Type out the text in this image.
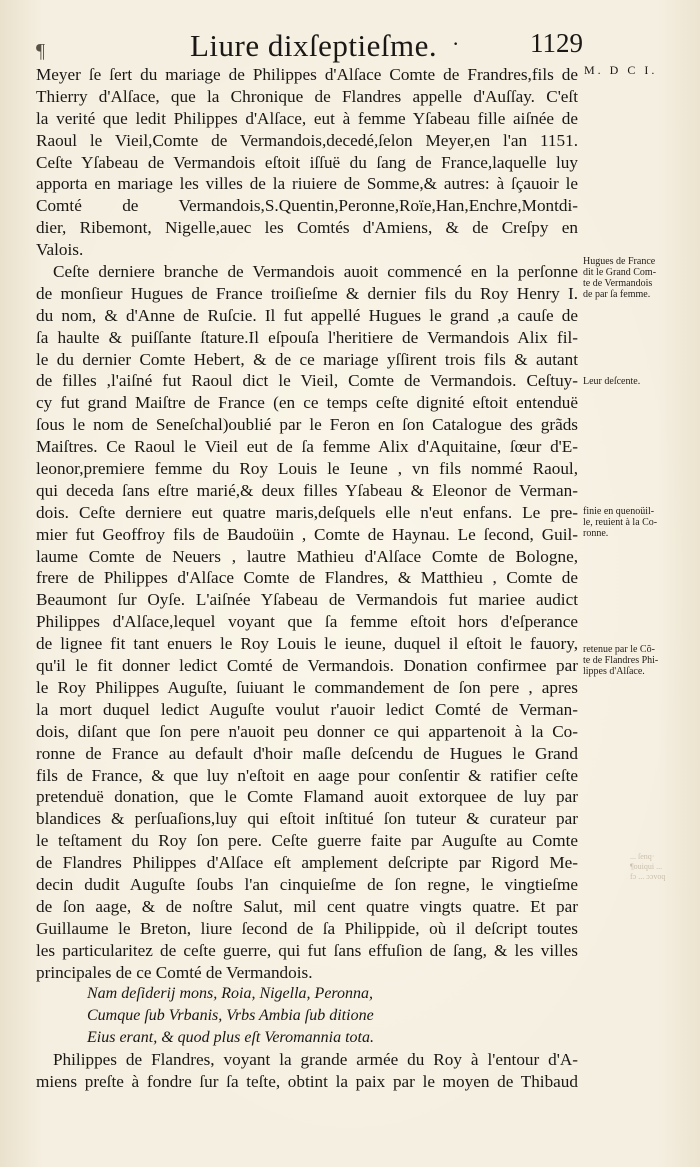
¶	Liure dixſeptieſme. ·	1129
M. D C I.
Meyer ſe ſert du mariage de Philippes d'Alſace Comte de Frandres,fils de
Thierry d'Alſace, que la Chronique de Flandres appelle d'Auſſay. C'eſt
la verité que ledit Philippes d'Alſace, eut à femme Yſabeau fille aiſnée de
Raoul le Vieil,Comte de Vermandois,decedé,ſelon Meyer,en l'an 1151.
Ceſte Yſabeau de Vermandois eſtoit iſſuë du ſang de France,laquelle luy
apporta en mariage les villes de la riuiere de Somme,& autres: à ſçauoir le
Comté de Vermandois,S.Quentin,Peronne,Roïe,Han,Enchre,Montdi-
dier, Ribemont, Nigelle,auec les Comtés d'Amiens, & de Creſpy en
Valois.
Ceſte derniere branche de Vermandois auoit commencé en la perſonne
de monſieur Hugues de France troiſieſme & dernier fils du Roy Henry I.
du nom, & d'Anne de Ruſcie. Il fut appellé Hugues le grand ,a cauſe de
ſa haulte & puiſſante ſtature.Il eſpouſa l'heritiere de Vermandois Alix fil-
le du dernier Comte Hebert, & de ce mariage yſſirent trois fils & autant
de filles ,l'aiſné fut Raoul dict le Vieil, Comte de Vermandois. Ceſtuy-
cy fut grand Maiſtre de France (en ce temps ceſte dignité eſtoit entenduë
ſous le nom de Seneſchal)oublié par le Feron en ſon Catalogue des grãds
Maiſtres. Ce Raoul le Vieil eut de ſa femme Alix d'Aquitaine, ſœur d'E-
leonor,premiere femme du Roy Louis le Ieune , vn fils nommé Raoul,
qui deceda ſans eſtre marié,& deux filles Yſabeau & Eleonor de Verman-
dois. Ceſte derniere eut quatre maris,deſquels elle n'eut enfans. Le pre-
mier fut Geoffroy fils de Baudoüin , Comte de Haynau. Le ſecond, Guil-
laume Comte de Neuers , lautre Mathieu d'Alſace Comte de Bologne,
frere de Philippes d'Alſace Comte de Flandres, & Matthieu , Comte de
Beaumont ſur Oyſe. L'aiſnée Yſabeau de Vermandois fut mariee audict
Philippes d'Alſace,lequel voyant que ſa femme eſtoit hors d'eſperance
de lignee fit tant enuers le Roy Louis le ieune, duquel il eſtoit le fauory,
qu'il le fit donner ledict Comté de Vermandois. Donation confirmee par
le Roy Philippes Auguſte, ſuiuant le commandement de ſon pere , apres
la mort duquel ledict Auguſte voulut r'auoir ledict Comté de Verman-
dois, diſant que ſon pere n'auoit peu donner ce qui appartenoit à la Co-
ronne de France au default d'hoir maſle deſcendu de Hugues le Grand
fils de France, & que luy n'eſtoit en aage pour conſentir & ratifier ceſte
pretenduë donation, que le Comte Flamand auoit extorquee de luy par
blandices & perſuaſions,luy qui eſtoit inſtitué ſon tuteur & curateur par
le teſtament du Roy ſon pere. Ceſte guerre faite par Auguſte au Comte
de Flandres Philippes d'Alſace eſt amplement deſcripte par Rigord Me-
decin dudit Auguſte ſoubs l'an cinquieſme de ſon regne, le vingtieſme
de ſon aage, & de noſtre Salut, mil cent quatre vingts quatre. Et par
Guillaume le Breton, liure ſecond de ſa Philippide, où il deſcript toutes
les particularitez de ceſte guerre, qui fut ſans effuſion de ſang, & les villes
principales de ce Comté de Vermandois.
Nam deſiderij mons, Roia, Nigella, Peronna,
Cumque ſub Vrbanis, Vrbs Ambia ſub ditione
Eius erant, & quod plus eſt Veromannia tota.
Philippes de Flandres, voyant la grande armée du Roy à l'entour d'A-
miens preſte à fondre ſur ſa teſte, obtint la paix par le moyen de Thibaud
Hugues de France
dit le Grand Com-
te de Vermandois
de par ſa femme.
Leur deſcente.
finie en quenoüil-
le, reuient à la Co-
ronne.
retenue par le Cõ-
te de Flandres Phi-
lippes d'Alſace.
... ſenq·
¶ouiqui ...
fɔ ... ɔɔvoq
